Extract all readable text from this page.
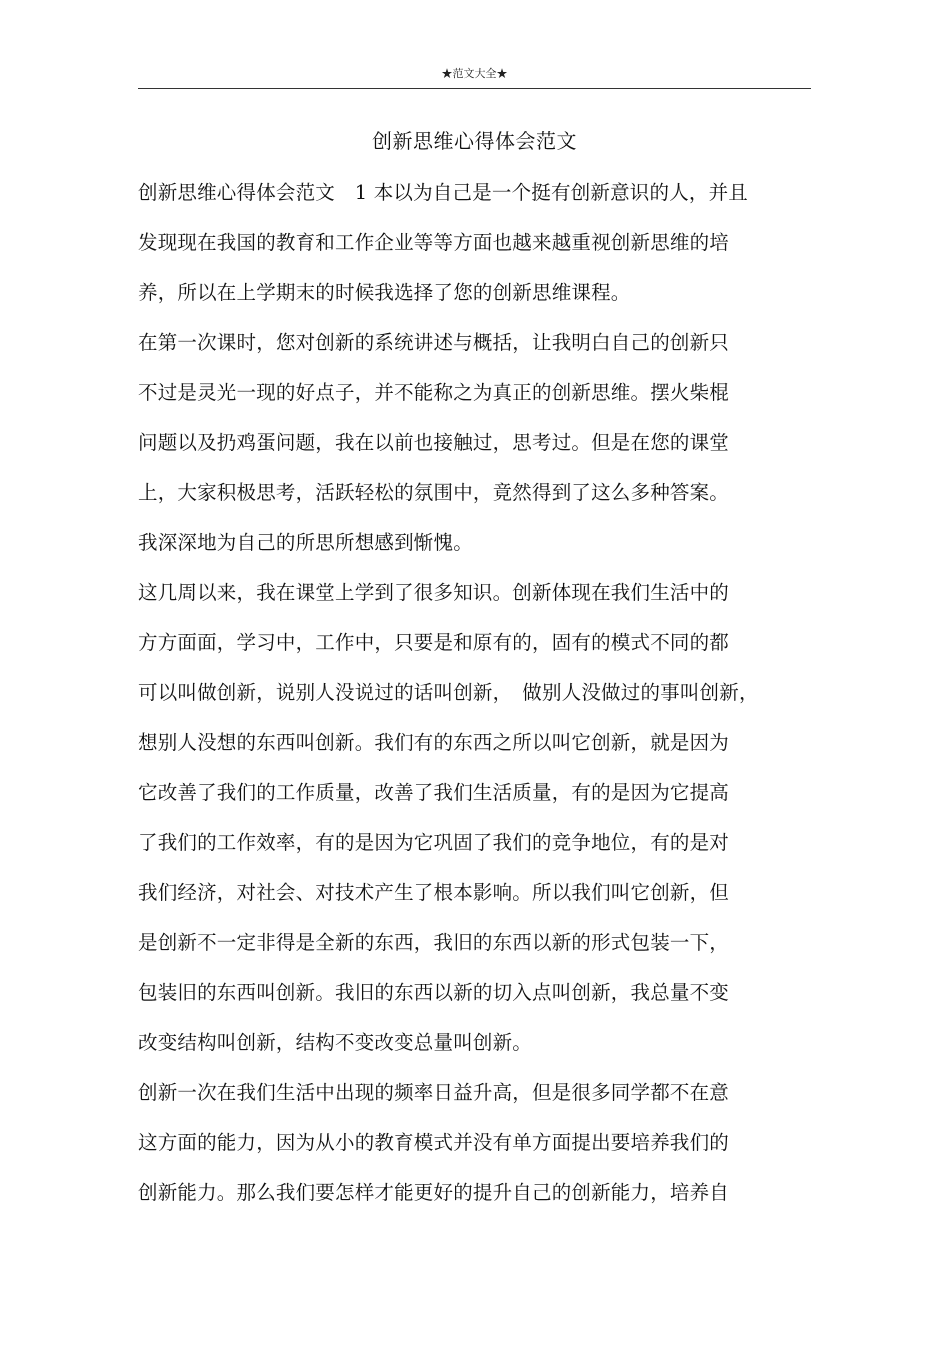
★范文大全★
创新思维心得体会范文
创新思维心得体会范文　1 本以为自己是一个挺有创新意识的人，并且
发现现在我国的教育和工作企业等等方面也越来越重视创新思维的培
养，所以在上学期末的时候我选择了您的创新思维课程。
在第一次课时，您对创新的系统讲述与概括，让我明白自己的创新只
不过是灵光一现的好点子，并不能称之为真正的创新思维。摆火柴棍
问题以及扔鸡蛋问题，我在以前也接触过，思考过。但是在您的课堂
上，大家积极思考，活跃轻松的氛围中，竟然得到了这么多种答案。
我深深地为自己的所思所想感到惭愧。
这几周以来，我在课堂上学到了很多知识。创新体现在我们生活中的
方方面面，学习中，工作中，只要是和原有的，固有的模式不同的都
可以叫做创新，说别人没说过的话叫创新，　做别人没做过的事叫创新，
想别人没想的东西叫创新。我们有的东西之所以叫它创新，就是因为
它改善了我们的工作质量，改善了我们生活质量，有的是因为它提高
了我们的工作效率，有的是因为它巩固了我们的竞争地位，有的是对
我们经济，对社会、对技术产生了根本影响。所以我们叫它创新，但
是创新不一定非得是全新的东西，我旧的东西以新的形式包装一下，
包装旧的东西叫创新。我旧的东西以新的切入点叫创新，我总量不变
改变结构叫创新，结构不变改变总量叫创新。
创新一次在我们生活中出现的频率日益升高，但是很多同学都不在意
这方面的能力，因为从小的教育模式并没有单方面提出要培养我们的
创新能力。那么我们要怎样才能更好的提升自己的创新能力，培养自
